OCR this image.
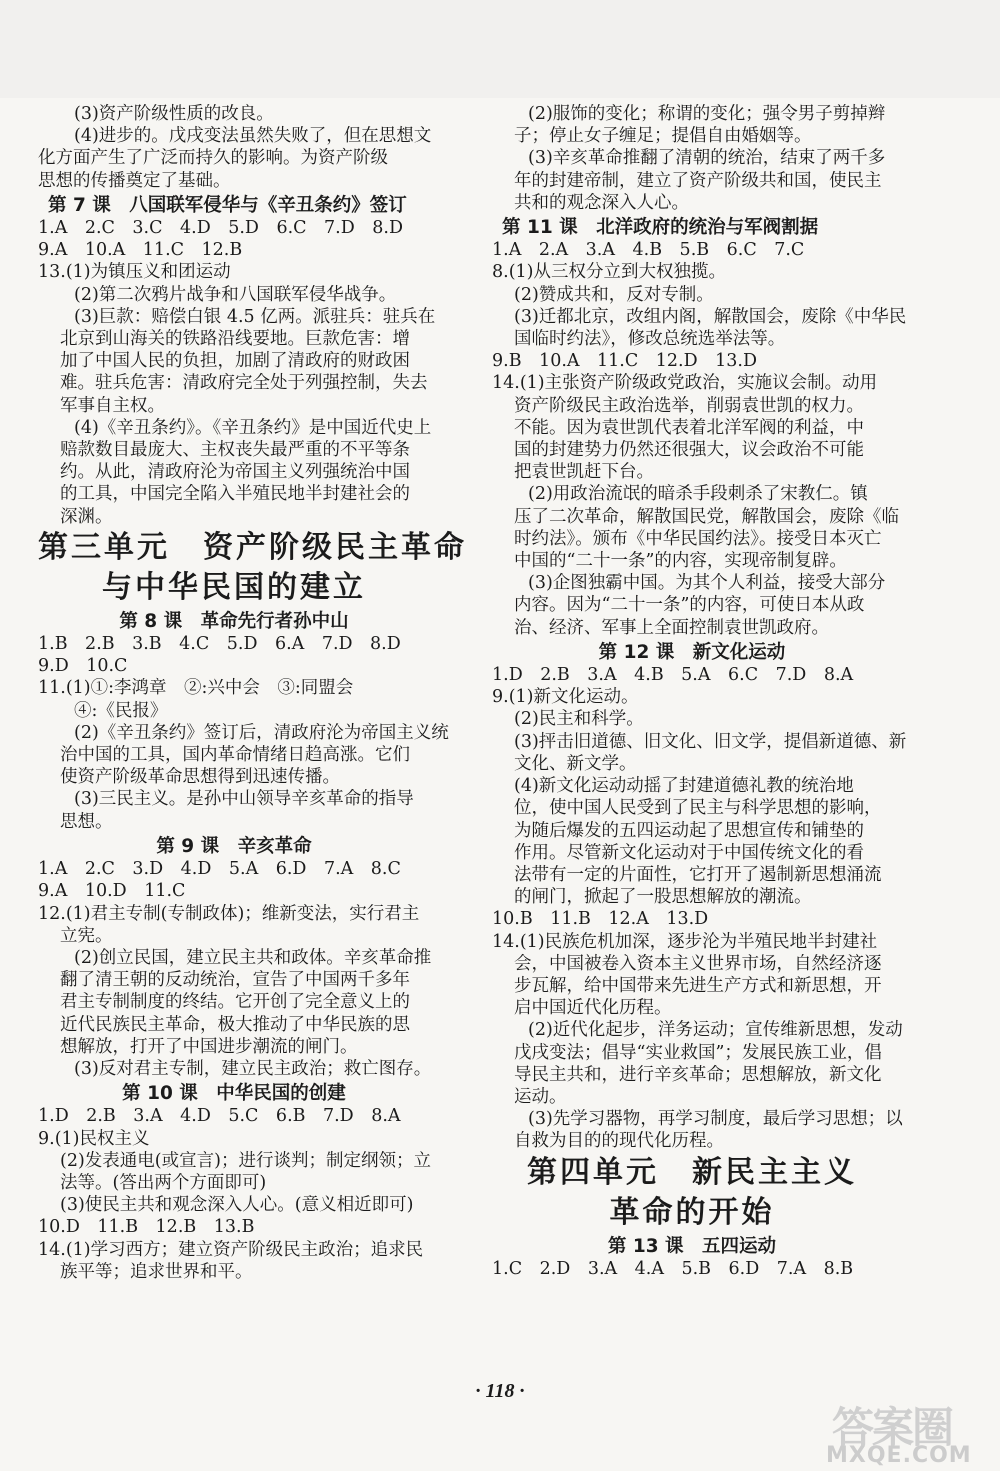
(3)资产阶级性质的改良。
(4)进步的。戊戌变法虽然失败了，但在思想文
化方面产生了广泛而持久的影响。为资产阶级
思想的传播奠定了基础。
第 7 课　八国联军侵华与《辛丑条约》签订
1.A　2.C　3.C　4.D　5.D　6.C　7.D　8.D
9.A　10.A　11.C　12.B
13.(1)为镇压义和团运动
(2)第二次鸦片战争和八国联军侵华战争。
(3)巨款：赔偿白银 4.5 亿两。派驻兵：驻兵在
北京到山海关的铁路沿线要地。巨款危害：增
加了中国人民的负担，加剧了清政府的财政困
难。驻兵危害：清政府完全处于列强控制，失去
军事自主权。
(4)《辛丑条约》。《辛丑条约》是中国近代史上
赔款数目最庞大、主权丧失最严重的不平等条
约。从此，清政府沦为帝国主义列强统治中国
的工具，中国完全陷入半殖民地半封建社会的
深渊。
第三单元　资产阶级民主革命
与中华民国的建立
第 8 课　革命先行者孙中山
1.B　2.B　3.B　4.C　5.D　6.A　7.D　8.D
9.D　10.C
11.(1)①:李鸿章　②:兴中会　③:同盟会
④:《民报》
(2)《辛丑条约》签订后，清政府沦为帝国主义统
治中国的工具，国内革命情绪日趋高涨。它们
使资产阶级革命思想得到迅速传播。
(3)三民主义。是孙中山领导辛亥革命的指导
思想。
第 9 课　辛亥革命
1.A　2.C　3.D　4.D　5.A　6.D　7.A　8.C
9.A　10.D　11.C
12.(1)君主专制(专制政体)；维新变法，实行君主
立宪。
(2)创立民国，建立民主共和政体。辛亥革命推
翻了清王朝的反动统治，宣告了中国两千多年
君主专制制度的终结。它开创了完全意义上的
近代民族民主革命，极大推动了中华民族的思
想解放，打开了中国进步潮流的闸门。
(3)反对君主专制，建立民主政治；救亡图存。
第 10 课　中华民国的创建
1.D　2.B　3.A　4.D　5.C　6.B　7.D　8.A
9.(1)民权主义
(2)发表通电(或宣言)；进行谈判；制定纲领；立
法等。(答出两个方面即可)
(3)使民主共和观念深入人心。(意义相近即可)
10.D　11.B　12.B　13.B
14.(1)学习西方；建立资产阶级民主政治；追求民
族平等；追求世界和平。
(2)服饰的变化；称谓的变化；强令男子剪掉辫
子；停止女子缠足；提倡自由婚姻等。
(3)辛亥革命推翻了清朝的统治，结束了两千多
年的封建帝制，建立了资产阶级共和国，使民主
共和的观念深入人心。
第 11 课　北洋政府的统治与军阀割据
1.A　2.A　3.A　4.B　5.B　6.C　7.C
8.(1)从三权分立到大权独揽。
(2)赞成共和，反对专制。
(3)迁都北京，改组内阁，解散国会，废除《中华民
国临时约法》，修改总统选举法等。
9.B　10.A　11.C　12.D　13.D
14.(1)主张资产阶级政党政治，实施议会制。动用
资产阶级民主政治选举，削弱袁世凯的权力。
不能。因为袁世凯代表着北洋军阀的利益，中
国的封建势力仍然还很强大，议会政治不可能
把袁世凯赶下台。
(2)用政治流氓的暗杀手段刺杀了宋教仁。镇
压了二次革命，解散国民党，解散国会，废除《临
时约法》。颁布《中华民国约法》。接受日本灭亡
中国的“二十一条”的内容，实现帝制复辟。
(3)企图独霸中国。为其个人利益，接受大部分
内容。因为“二十一条”的内容，可使日本从政
治、经济、军事上全面控制袁世凯政府。
第 12 课　新文化运动
1.D　2.B　3.A　4.B　5.A　6.C　7.D　8.A
9.(1)新文化运动。
(2)民主和科学。
(3)抨击旧道德、旧文化、旧文学，提倡新道德、新
文化、新文学。
(4)新文化运动动摇了封建道德礼教的统治地
位，使中国人民受到了民主与科学思想的影响，
为随后爆发的五四运动起了思想宣传和铺垫的
作用。尽管新文化运动对于中国传统文化的看
法带有一定的片面性，它打开了遏制新思想涌流
的闸门，掀起了一股思想解放的潮流。
10.B　11.B　12.A　13.D
14.(1)民族危机加深，逐步沦为半殖民地半封建社
会，中国被卷入资本主义世界市场，自然经济逐
步瓦解，给中国带来先进生产方式和新思想，开
启中国近代化历程。
(2)近代化起步，洋务运动；宣传维新思想，发动
戊戌变法；倡导“实业救国”；发展民族工业，倡
导民主共和，进行辛亥革命；思想解放，新文化
运动。
(3)先学习器物，再学习制度，最后学习思想；以
自救为目的的现代化历程。
第四单元　新民主主义
革命的开始
第 13 课　五四运动
1.C　2.D　3.A　4.A　5.B　6.D　7.A　8.B
· 118 ·
答案圈
MXQE.COM
